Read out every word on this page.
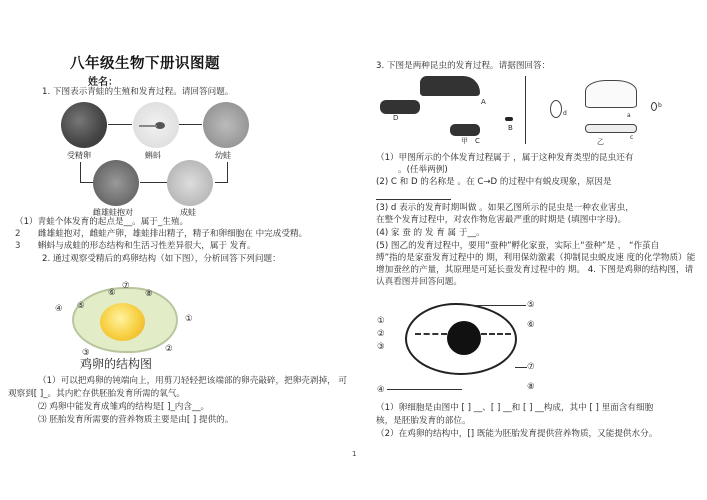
八年级生物下册识图题
姓名：
1. 下图表示青蛙的生殖和发育过程。请回答问题。
受精卵	蝌蚪	幼蛙
雌雄蛙抱对	成蛙
（1）青蛙个体发育的起点是__。属于_生殖。
2 雌雄蛙抱对，雌蛙产卵，雄蛙排出精子，精子和卵细胞在 中完成受精。
3 蝌蚪与成蛙的形态结构和生活习性差异很大，属于 发育。
2. 通过观察受精后的鸡卵结构（如下图），分析回答下列问题：
④ ⑤
⑥
⑦
⑧
①
②
③
鸡卵的结构图
（1）可以把鸡卵的钝端向上，用剪刀轻轻把该端部的卵壳敲碎，把卵壳剥掉， 可
观察到[ ]_。其内贮存供胚胎发育所需的氧气。
⑵ 鸡卵中能发育成雏鸡的结构是[ ]_内含__。
⑶ 胚胎发育所需要的营养物质主要是由[ ] 提供的。
3. 下图是两种昆虫的发育过程。请据图回答：
A
B
C
D
甲
a
b
c
d
乙
（1）甲图所示的个体发育过程属于 ，属于这种发育类型的昆虫还有
。(任举两例)
(2) C 和 D 的名称是 。在 C→D 的过程中有蜕皮现象，原因是
(3) d 表示的发育时期叫做 。如果乙图所示的昆虫是一种农业害虫，
在整个发育过程中，对农作物危害最严重的时期是 (填图中字母)。
(4) 家 蚕 的 发 育 属 于__。
(5) 图乙的发育过程中，要用“蚕种”孵化家蚕，实际上“蚕种”是 ， “作茧自
缚”指的是家蚕发育过程中的 期，利用保幼激素（抑制昆虫蜕皮速 度的化学物质）能
增加蚕丝的产量，其原理是可延长蚕发育过程中的 期。 4. 下图是鸡卵的结构图，请
认真看图并回答问题。
①
②
③
④
⑤
⑥
⑦
⑧
（1）卵细胞是由图中 [ ] __、[ ] __和 [ ] __构成，其中 [ ] 里面含有细胞
核，是胚胎发育的部位。
（2）在鸡卵的结构中，[] 既能为胚胎发育提供营养物质，又能提供水分。
1
